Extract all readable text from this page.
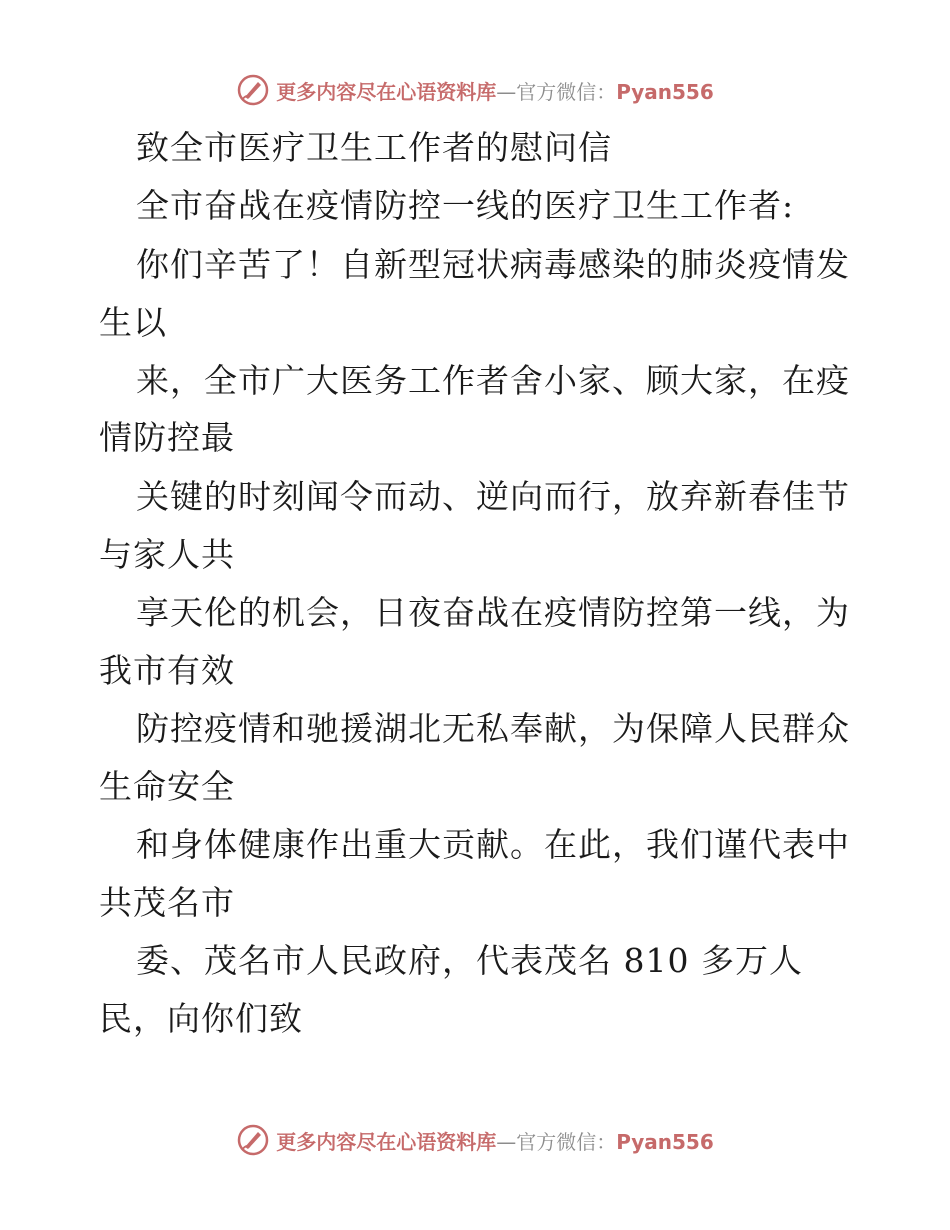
更多内容尽在心语资料库—官方微信：Pyan556
致全市医疗卫生工作者的慰问信
全市奋战在疫情防控一线的医疗卫生工作者:
你们辛苦了！自新型冠状病毒感染的肺炎疫情发
生以
来，全市广大医务工作者舍小家、顾大家，在疫
情防控最
关键的时刻闻令而动、逆向而行，放弃新春佳节
与家人共
享天伦的机会，日夜奋战在疫情防控第一线，为
我市有效
防控疫情和驰援湖北无私奉献，为保障人民群众
生命安全
和身体健康作出重大贡献。在此，我们谨代表中
共茂名市
委、茂名市人民政府，代表茂名 810 多万人
民，向你们致
更多内容尽在心语资料库—官方微信：Pyan556
